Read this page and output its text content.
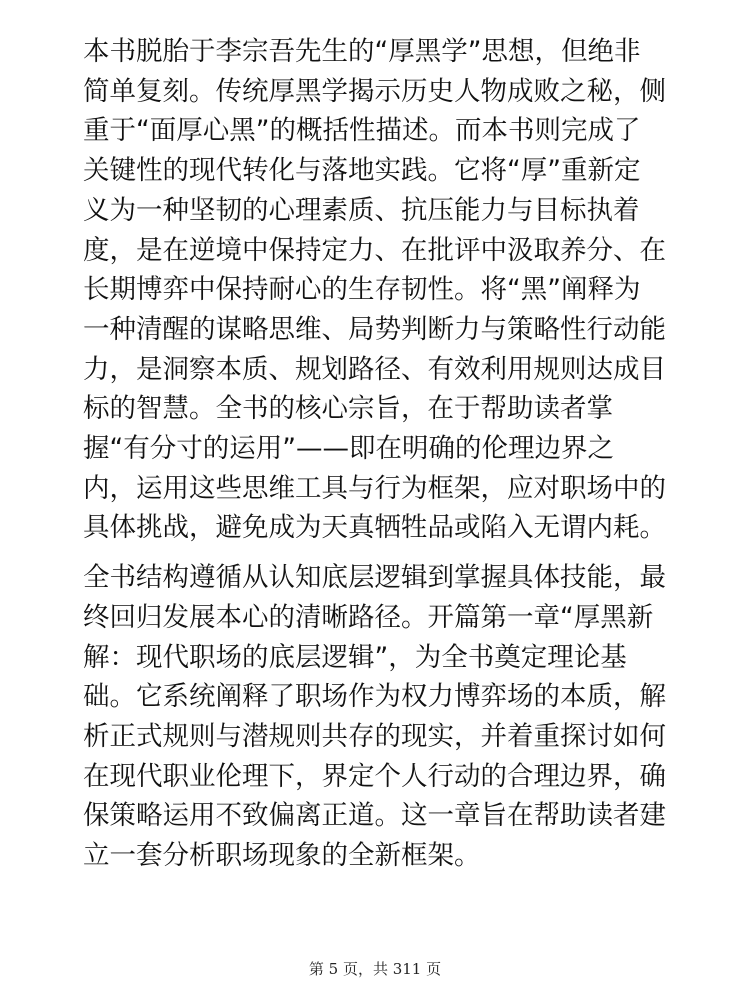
本书脱胎于李宗吾先生的“厚黑学”思想，但绝非
简单复刻。传统厚黑学揭示历史人物成败之秘，侧
重于“面厚心黑”的概括性描述。而本书则完成了
关键性的现代转化与落地实践。它将“厚”重新定
义为一种坚韧的心理素质、抗压能力与目标执着
度，是在逆境中保持定力、在批评中汲取养分、在
长期博弈中保持耐心的生存韧性。将“黑”阐释为
一种清醒的谋略思维、局势判断力与策略性行动能
力，是洞察本质、规划路径、有效利用规则达成目
标的智慧。全书的核心宗旨，在于帮助读者掌
握“有分寸的运用”——即在明确的伦理边界之
内，运用这些思维工具与行为框架，应对职场中的
具体挑战，避免成为天真牺牲品或陷入无谓内耗。
全书结构遵循从认知底层逻辑到掌握具体技能，最
终回归发展本心的清晰路径。开篇第一章“厚黑新
解：现代职场的底层逻辑”，为全书奠定理论基
础。它系统阐释了职场作为权力博弈场的本质，解
析正式规则与潜规则共存的现实，并着重探讨如何
在现代职业伦理下，界定个人行动的合理边界，确
保策略运用不致偏离正道。这一章旨在帮助读者建
立一套分析职场现象的全新框架。
第 5 页，共 311 页
